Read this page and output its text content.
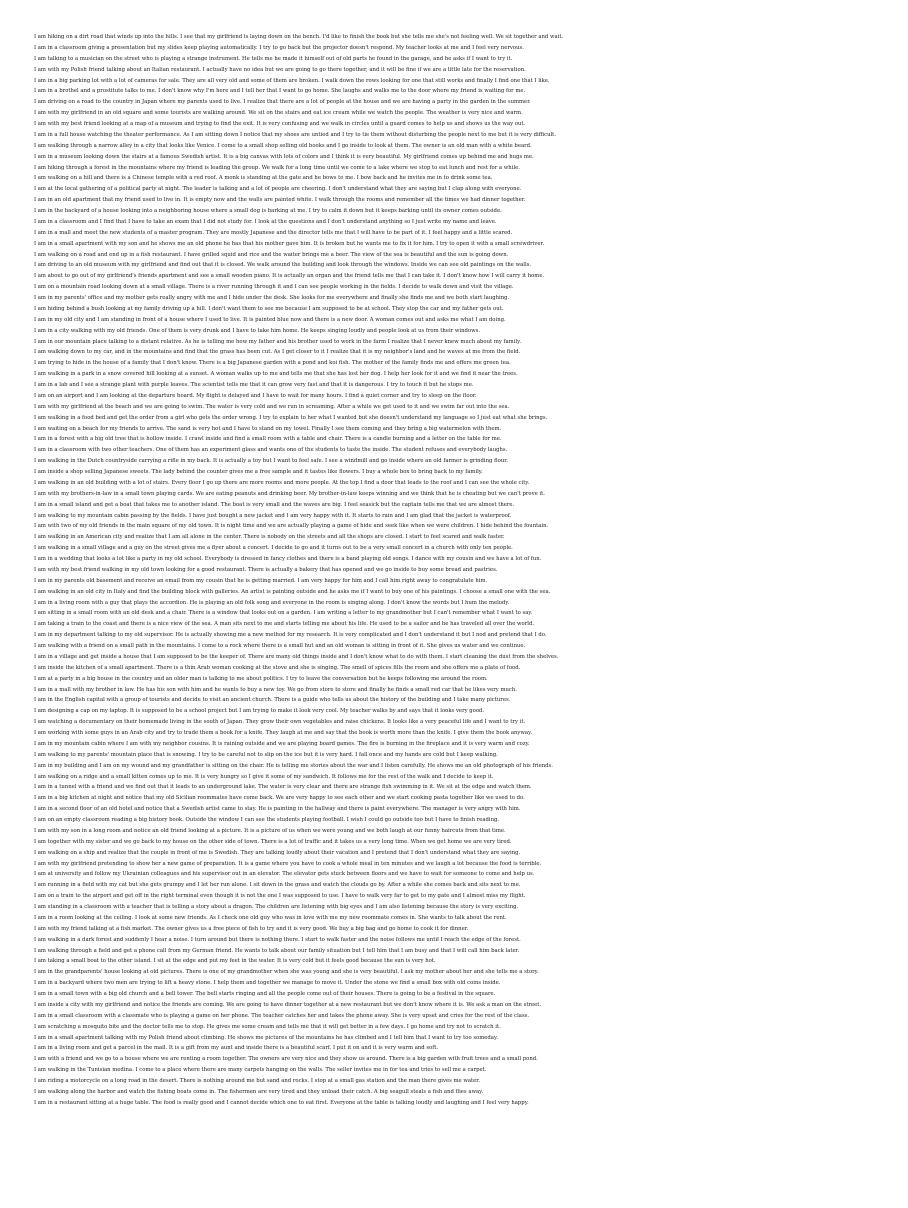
I am hiking on a dirt road that winds up into the hills. I see that my girlfriend is laying down on the bench. I'd like to finish the book but she tells me she's not feeling well. We sit together and wait.

I am in a classroom giving a presentation but my slides keep playing automatically. I try to go back but the projector doesn't respond. My teacher looks at me and I feel very nervous.

I am talking to a musician on the street who is playing a strange instrument. He tells me he made it himself out of old parts he found in the garage, and he asks if I want to try it.

I am with my Polish friend talking about an Italian restaurant. I actually have no idea but we are going to go there together, and it will be fine if we are a little late for the reservation.

I am in a big parking lot with a lot of cameras for sale. They are all very old and some of them are broken. I walk down the rows looking for one that still works and finally I find one that I like.

I am in a brothel and a prostitute talks to me. I don't know why I'm here and I tell her that I want to go home. She laughs and walks me to the door where my friend is waiting for me.

I am driving on a road to the country in Japan where my parents used to live. I realize that there are a lot of people at the house and we are having a party in the garden in the summer.

I am with my girlfriend in an old square and some tourists are walking around. We sit on the stairs and eat ice cream while we watch the people. The weather is very nice and warm.

I am with my best friend looking at a map of a museum and trying to find the exit. It is very confusing and we walk in circles until a guard comes to help us and shows us the way out.

I am in a full house watching the theater performance. As I am sitting down I notice that my shoes are untied and I try to tie them without disturbing the people next to me but it is very difficult.

I am walking through a narrow alley in a city that looks like Venice. I come to a small shop selling old books and I go inside to look at them. The owner is an old man with a white beard.

I am in a museum looking down the stairs at a famous Swedish artist. It is a big canvas with lots of colors and I think it is very beautiful. My girlfriend comes up behind me and hugs me.

I am hiking through a forest in the mountains where my friend is leading the group. We walk for a long time until we come to a lake where we stop to eat lunch and rest for a while.

I am walking on a hill and there is a Chinese temple with a red roof. A monk is standing at the gate and he bows to me. I bow back and he invites me in to drink some tea.

I am at the local gathering of a political party at night. The leader is talking and a lot of people are cheering. I don't understand what they are saying but I clap along with everyone.

I am in an old apartment that my friend used to live in. It is empty now and the walls are painted white. I walk through the rooms and remember all the times we had dinner together.

I am in the backyard of a house looking into a neighboring house where a small dog is barking at me. I try to calm it down but it keeps barking until its owner comes outside.

I am in a classroom and I find that I have to take an exam that I did not study for. I look at the questions and I don't understand anything so I just write my name and leave.

I am in a mall and meet the new students of a master program. They are mostly Japanese and the director tells me that I will have to be part of it. I feel happy and a little scared.

I am in a small apartment with my son and he shows me an old phone he has that his mother gave him. It is broken but he wants me to fix it for him. I try to open it with a small screwdriver.

I am walking on a road and end up in a fish restaurant. I have grilled squid and rice and the waiter brings me a beer. The view of the sea is beautiful and the sun is going down.

I am driving to an old museum with my girlfriend and find out that it is closed. We walk around the building and look through the windows. Inside we can see old paintings on the walls.

I am about to go out of my girlfriend's friends apartment and see a small wooden piano. It is actually an organ and the friend tells me that I can take it. I don't know how I will carry it home.

I am on a mountain road looking down at a small village. There is a river running through it and I can see people working in the fields. I decide to walk down and visit the village.

I am in my parents' office and my mother gets really angry with me and I hide under the desk. She looks for me everywhere and finally she finds me and we both start laughing.

I am hiding behind a bush looking at my family driving up a hill. I don't want them to see me because I am supposed to be at school. They stop the car and my father gets out.

I am in my old city and I am standing in front of a house where I used to live. It is painted blue now and there is a new door. A woman comes out and asks me what I am doing.

I am in a city walking with my old friends. One of them is very drunk and I have to take him home. He keeps singing loudly and people look at us from their windows.

I am in our mountain place talking to a distant relative. As he is telling me how my father and his brother used to work in the farm I realize that I never knew much about my family.

I am walking down to my car, and in the mountains and find that the grass has been cut. As I get closer to it I realize that it is my neighbor's land and he waves at me from the field.

I am trying to hide in the house of a family that I don't know. There is a big Japanese garden with a pond and koi fish. The mother of the family finds me and offers me green tea.

I am walking in a park in a snow covered hill looking at a sunset. A woman walks up to me and tells me that she has lost her dog. I help her look for it and we find it near the trees.

I am in a lab and I see a strange plant with purple leaves. The scientist tells me that it can grow very fast and that it is dangerous. I try to touch it but he stops me.

I am on an airport and I am looking at the departure board. My flight is delayed and I have to wait for many hours. I find a quiet corner and try to sleep on the floor.

I am with my girlfriend at the beach and we are going to swim. The water is very cold and we run in screaming. After a while we get used to it and we swim far out into the sea.

I am walking in a food bed and get the order from a girl who gets the order wrong. I try to explain to her what I wanted but she doesn't understand my language so I just eat what she brings.

I am waiting on a beach for my friends to arrive. The sand is very hot and I have to stand on my towel. Finally I see them coming and they bring a big watermelon with them.

I am in a forest with a big old tree that is hollow inside. I crawl inside and find a small room with a table and chair. There is a candle burning and a letter on the table for me.

I am in a classroom with two other teachers. One of them has an experiment glass and wants one of the students to taste the inside. The student refuses and everybody laughs.

I am walking in the Dutch countryside carrying a rifle in my back. It is actually a toy but I want to feel safe. I see a windmill and go inside where an old farmer is grinding flour.

I am inside a shop selling Japanese sweets. The lady behind the counter gives me a free sample and it tastes like flowers. I buy a whole box to bring back to my family.

I am walking in an old building with a lot of stairs. Every floor I go up there are more rooms and more people. At the top I find a door that leads to the roof and I can see the whole city.

I am with my brothers-in-law in a small town playing cards. We are eating peanuts and drinking beer. My brother-in-law keeps winning and we think that he is cheating but we can't prove it.

I am in a small island and get a boat that takes me to another island. The boat is very small and the waves are big. I feel seasick but the captain tells me that we are almost there.

I am walking to my mountain cabin passing by the fields. I have just bought a new jacket and I am very happy with it. It starts to rain and I am glad that the jacket is waterproof.

I am with two of my old friends in the main square of my old town. It is night time and we are actually playing a game of hide and seek like when we were children. I hide behind the fountain.

I am walking in an American city and realize that I am all alone in the center. There is nobody on the streets and all the shops are closed. I start to feel scared and walk faster.

I am walking in a small village and a guy on the street gives me a flyer about a concert. I decide to go and it turns out to be a very small concert in a church with only ten people.

I am in a wedding that looks a lot like a party in my old school. Everybody is dressed in fancy clothes and there is a band playing old songs. I dance with my cousin and we have a lot of fun.

I am with my best friend walking in my old town looking for a good restaurant. There is actually a bakery that has opened and we go inside to buy some bread and pastries.

I am in my parents old basement and receive an email from my cousin that he is getting married. I am very happy for him and I call him right away to congratulate him.

I am walking in an old city in Italy and find the building block with galleries. An artist is painting outside and he asks me if I want to buy one of his paintings. I choose a small one with the sea.

I am in a living room with a guy that plays the accordion. He is playing an old folk song and everyone in the room is singing along. I don't know the words but I hum the melody.

I am sitting in a small room with an old desk and a chair. There is a window that looks out on a garden. I am writing a letter to my grandmother but I can't remember what I want to say.

I am taking a train to the coast and there is a nice view of the sea. A man sits next to me and starts telling me about his life. He used to be a sailor and he has traveled all over the world.

I am in my department talking to my old supervisor. He is actually showing me a new method for my research. It is very complicated and I don't understand it but I nod and pretend that I do.

I am walking with a friend on a small path in the mountains. I come to a rock where there is a small hut and an old woman is sitting in front of it. She gives us water and we continue.

I am in a village and get inside a house that I am supposed to be the keeper of. There are many old things inside and I don't know what to do with them. I start cleaning the dust from the shelves.

I am inside the kitchen of a small apartment. There is a thin Arab woman cooking at the stove and she is singing. The smell of spices fills the room and she offers me a plate of food.

I am at a party in a big house in the country and an older man is talking to me about politics. I try to leave the conversation but he keeps following me around the room.

I am in a mall with my brother in law. He has his son with him and he wants to buy a new toy. We go from store to store and finally he finds a small red car that he likes very much.

I am in the English capital with a group of tourists and decide to visit an ancient church. There is a guide who tells us about the history of the building and I take many pictures.

I am designing a cap on my laptop. It is supposed to be a school project but I am trying to make it look very cool. My teacher walks by and says that it looks very good.

I am watching a documentary on their homemade living in the south of Japan. They grow their own vegetables and raise chickens. It looks like a very peaceful life and I want to try it.

I am working with some guys in an Arab city and try to trade them a book for a knife. They laugh at me and say that the book is worth more than the knife. I give them the book anyway.

I am in my mountain cabin where I am with my neighbor cousins. It is raining outside and we are playing board games. The fire is burning in the fireplace and it is very warm and cozy.

I am walking to my parents' mountain place that is snowing. I try to be careful not to slip on the ice but it is very hard. I fall once and my hands are cold but I keep walking.

I am in my building and I am on my wound and my grandfather is sitting on the chair. He is telling me stories about the war and I listen carefully. He shows me an old photograph of his friends.

I am walking on a ridge and a small kitten comes up to me. It is very hungry so I give it some of my sandwich. It follows me for the rest of the walk and I decide to keep it.

I am in a tunnel with a friend and we find out that it leads to an underground lake. The water is very clear and there are strange fish swimming in it. We sit at the edge and watch them.

I am in a big kitchen at night and notice that my old Sicilian roommates have come back. We are very happy to see each other and we start cooking pasta together like we used to do.

I am in a second floor of an old hotel and notice that a Swedish artist came to stay. He is painting in the hallway and there is paint everywhere. The manager is very angry with him.

I am on an empty classroom reading a big history book. Outside the window I can see the students playing football. I wish I could go outside too but I have to finish reading.

I am with my son in a long room and notice an old friend looking at a picture. It is a picture of us when we were young and we both laugh at our funny haircuts from that time.

I am together with my sister and we go back to my house on the other side of town. There is a lot of traffic and it takes us a very long time. When we get home we are very tired.

I am walking on a ship and realize that the couple in front of me is Swedish. They are talking loudly about their vacation and I pretend that I don't understand what they are saying.

I am with my girlfriend pretending to show her a new game of preparation. It is a game where you have to cook a whole meal in ten minutes and we laugh a lot because the food is terrible.

I am at university and follow my Ukrainian colleagues and his supervisor out in an elevator. The elevator gets stuck between floors and we have to wait for someone to come and help us.

I am running in a field with my cat but she gets grumpy and I let her run alone. I sit down in the grass and watch the clouds go by. After a while she comes back and sits next to me.

I am on a train to the airport and get off in the right terminal even though it is not the one I was supposed to use. I have to walk very far to get to my gate and I almost miss my flight.

I am standing in a classroom with a teacher that is telling a story about a dragon. The children are listening with big eyes and I am also listening because the story is very exciting.

I am in a room looking at the ceiling. I look at some new friends. As I check one old guy who was in love with me my new roommate comes in. She wants to talk about the rent.

I am with my friend talking at a fish market. The owner gives us a free piece of fish to try and it is very good. We buy a big bag and go home to cook it for dinner.

I am walking in a dark forest and suddenly I hear a noise. I turn around but there is nothing there. I start to walk faster and the noise follows me until I reach the edge of the forest.

I am walking through a field and get a phone call from my German friend. He wants to talk about our family situation but I tell him that I am busy and that I will call him back later.

I am taking a small boat to the other island. I sit at the edge and put my feet in the water. It is very cold but it feels good because the sun is very hot.

I am in the grandparents' house looking at old pictures. There is one of my grandmother when she was young and she is very beautiful. I ask my mother about her and she tells me a story.

I am in a backyard where two men are trying to lift a heavy stone. I help them and together we manage to move it. Under the stone we find a small box with old coins inside.

I am in a small town with a big old church and a bell tower. The bell starts ringing and all the people come out of their houses. There is going to be a festival in the square.

I am inside a city with my girlfriend and notice the friends are coming. We are going to have dinner together at a new restaurant but we don't know where it is. We ask a man on the street.

I am in a small classroom with a classmate who is playing a game on her phone. The teacher catches her and takes the phone away. She is very upset and cries for the rest of the class.

I am scratching a mosquito bite and the doctor tells me to stop. He gives me some cream and tells me that it will get better in a few days. I go home and try not to scratch it.

I am in a small apartment talking with my Polish friend about climbing. He shows me pictures of the mountains he has climbed and I tell him that I want to try too someday.

I am in a living room and get a parcel in the mail. It is a gift from my aunt and inside there is a beautiful scarf. I put it on and it is very warm and soft.

I am with a friend and we go to a house where we are renting a room together. The owners are very nice and they show us around. There is a big garden with fruit trees and a small pond.

I am walking in the Tunisian medina. I come to a place where there are many carpets hanging on the walls. The seller invites me in for tea and tries to sell me a carpet.

I am riding a motorcycle on a long road in the desert. There is nothing around me but sand and rocks. I stop at a small gas station and the man there gives me water.

I am walking along the harbor and watch the fishing boats come in. The fishermen are very tired and they unload their catch. A big seagull steals a fish and flies away.

I am in a restaurant sitting at a huge table. The food is really good and I cannot decide which one to eat first. Everyone at the table is talking loudly and laughing and I feel very happy.
